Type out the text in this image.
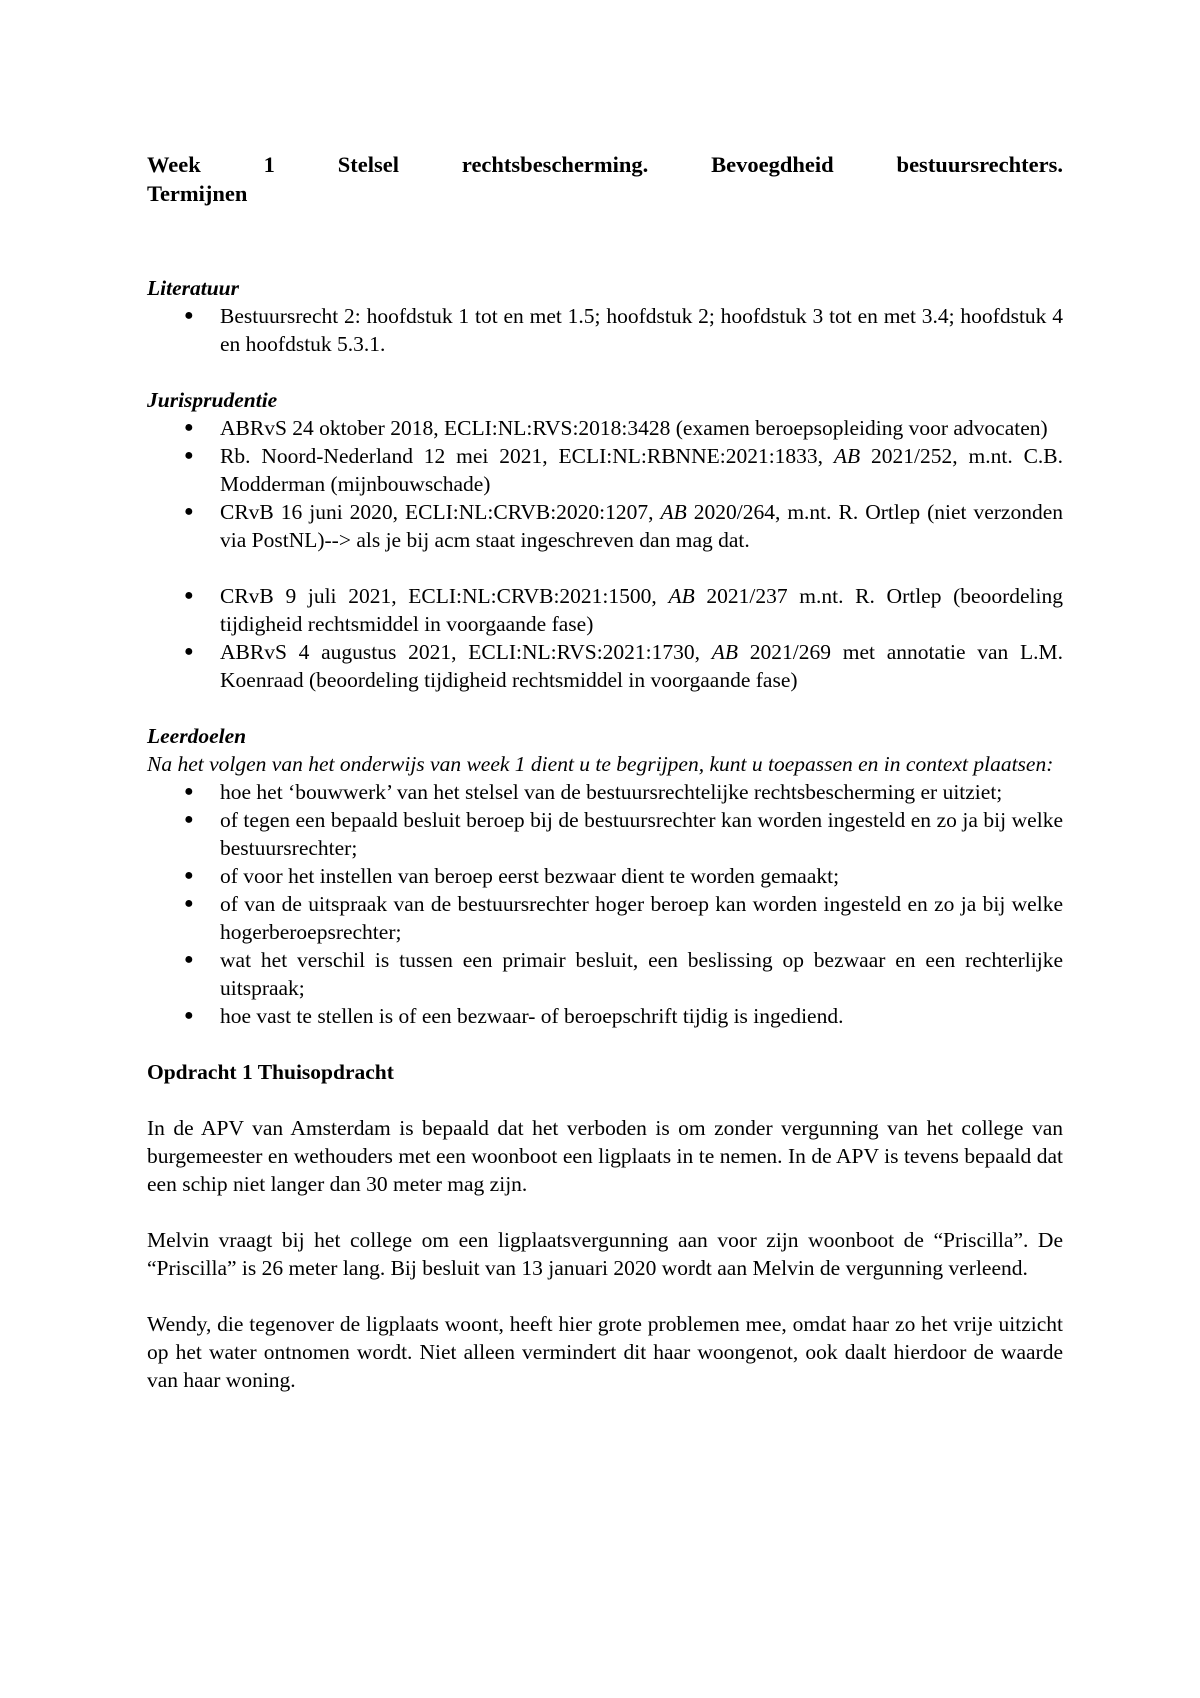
Week 1 Stelsel rechtsbescherming. Bevoegdheid bestuursrechters.
Termijnen

Literatuur

● Bestuursrecht 2: hoofdstuk 1 tot en met 1.5; hoofdstuk 2; hoofdstuk 3 tot en met 3.4; hoofdstuk 4 en hoofdstuk 5.3.1.

Jurisprudentie

● ABRvS 24 oktober 2018, ECLI:NL:RVS:2018:3428 (examen beroepsopleiding voor advocaten)
● Rb. Noord-Nederland 12 mei 2021, ECLI:NL:RBNNE:2021:1833, AB 2021/252, m.nt. C.B. Modderman (mijnbouwschade)
● CRvB 16 juni 2020, ECLI:NL:CRVB:2020:1207, AB 2020/264, m.nt. R. Ortlep (niet verzonden via PostNL)--> als je bij acm staat ingeschreven dan mag dat.
● CRvB 9 juli 2021, ECLI:NL:CRVB:2021:1500, AB 2021/237 m.nt. R. Ortlep (beoordeling tijdigheid rechtsmiddel in voorgaande fase)
● ABRvS 4 augustus 2021, ECLI:NL:RVS:2021:1730, AB 2021/269 met annotatie van L.M. Koenraad (beoordeling tijdigheid rechtsmiddel in voorgaande fase)

Leerdoelen

Na het volgen van het onderwijs van week 1 dient u te begrijpen, kunt u toepassen en in context plaatsen:

● hoe het ‘bouwwerk’ van het stelsel van de bestuursrechtelijke rechtsbescherming er uitziet;
● of tegen een bepaald besluit beroep bij de bestuursrechter kan worden ingesteld en zo ja bij welke bestuursrechter;
● of voor het instellen van beroep eerst bezwaar dient te worden gemaakt;
● of van de uitspraak van de bestuursrechter hoger beroep kan worden ingesteld en zo ja bij welke hogerberoepsrechter;
● wat het verschil is tussen een primair besluit, een beslissing op bezwaar en een rechterlijke uitspraak;
● hoe vast te stellen is of een bezwaar- of beroepschrift tijdig is ingediend.

Opdracht 1 Thuisopdracht

In de APV van Amsterdam is bepaald dat het verboden is om zonder vergunning van het college van burgemeester en wethouders met een woonboot een ligplaats in te nemen. In de APV is tevens bepaald dat een schip niet langer dan 30 meter mag zijn.

Melvin vraagt bij het college om een ligplaatsvergunning aan voor zijn woonboot de “Priscilla”. De “Priscilla” is 26 meter lang. Bij besluit van 13 januari 2020 wordt aan Melvin de vergunning verleend.

Wendy, die tegenover de ligplaats woont, heeft hier grote problemen mee, omdat haar zo het vrije uitzicht op het water ontnomen wordt. Niet alleen vermindert dit haar woongenot, ook daalt hierdoor de waarde van haar woning.
